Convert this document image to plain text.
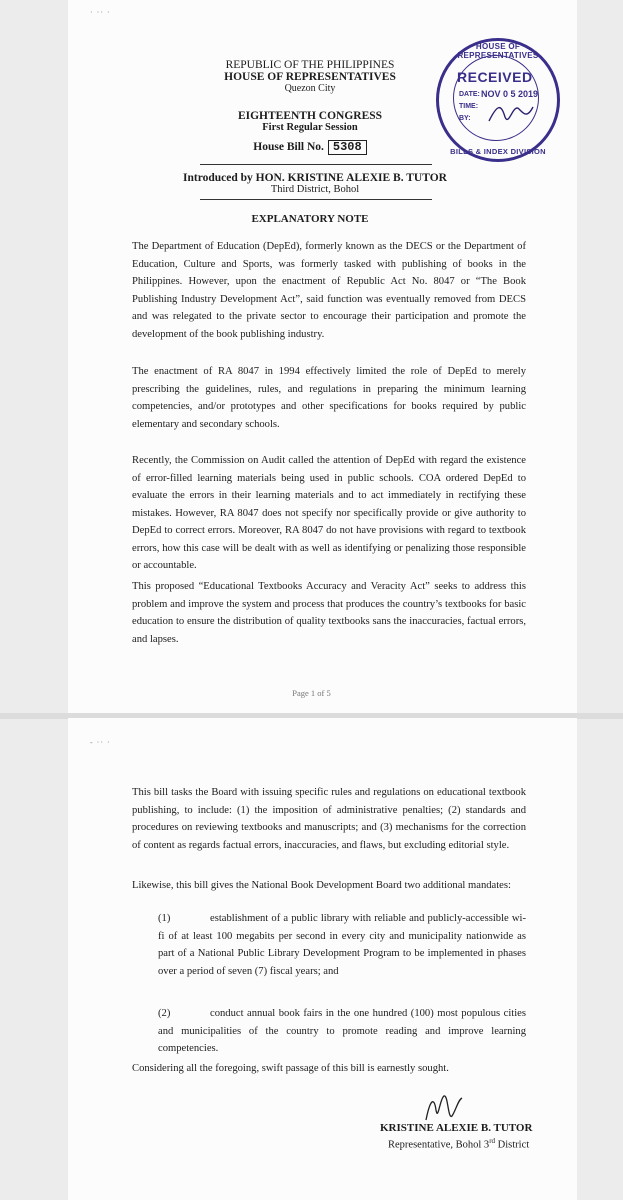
· ·· ·
REPUBLIC OF THE PHILIPPINES
HOUSE OF REPRESENTATIVES
Quezon City
EIGHTEENTH CONGRESS
First Regular Session
House Bill No. 5308
HOUSE OF REPRESENTATIVES
RECEIVED
DATE: NOV 0 5 2019
TIME:
BY:
BILLS & INDEX DIVISION
Introduced by HON. KRISTINE ALEXIE B. TUTOR
Third District, Bohol
EXPLANATORY NOTE
The Department of Education (DepEd), formerly known as the DECS or the Department of Education, Culture and Sports, was formerly tasked with publishing of books in the Philippines. However, upon the enactment of Republic Act No. 8047 or “The Book Publishing Industry Development Act”, said function was eventually removed from DECS and was relegated to the private sector to encourage their participation and promote the development of the book publishing industry.
The enactment of RA 8047 in 1994 effectively limited the role of DepEd to merely prescribing the guidelines, rules, and regulations in preparing the minimum learning competencies, and/or prototypes and other specifications for books required by public elementary and secondary schools.
Recently, the Commission on Audit called the attention of DepEd with regard the existence of error-filled learning materials being used in public schools. COA ordered DepEd to evaluate the errors in their learning materials and to act immediately in rectifying these mistakes. However, RA 8047 does not specify nor specifically provide or give authority to DepEd to correct errors. Moreover, RA 8047 do not have provisions with regard to textbook errors, how this case will be dealt with as well as identifying or penalizing those responsible or accountable.
This proposed “Educational Textbooks Accuracy and Veracity Act” seeks to address this problem and improve the system and process that produces the country’s textbooks for basic education to ensure the distribution of quality textbooks sans the inaccuracies, factual errors, and lapses.
Page 1 of 5
- ·· ·
This bill tasks the Board with issuing specific rules and regulations on educational textbook publishing, to include: (1) the imposition of administrative penalties; (2) standards and procedures on reviewing textbooks and manuscripts; and (3) mechanisms for the correction of content as regards factual errors, inaccuracies, and flaws, but excluding editorial style.
Likewise, this bill gives the National Book Development Board two additional mandates:
(1)	establishment of a public library with reliable and publicly-accessible wi-fi of at least 100 megabits per second in every city and municipality nationwide as part of a National Public Library Development Program to be implemented in phases over a period of seven (7) fiscal years; and
(2)	conduct annual book fairs in the one hundred (100) most populous cities and municipalities of the country to promote reading and improve learning competencies.
Considering all the foregoing, swift passage of this bill is earnestly sought.
KRISTINE ALEXIE B. TUTOR
Representative, Bohol 3rd District
